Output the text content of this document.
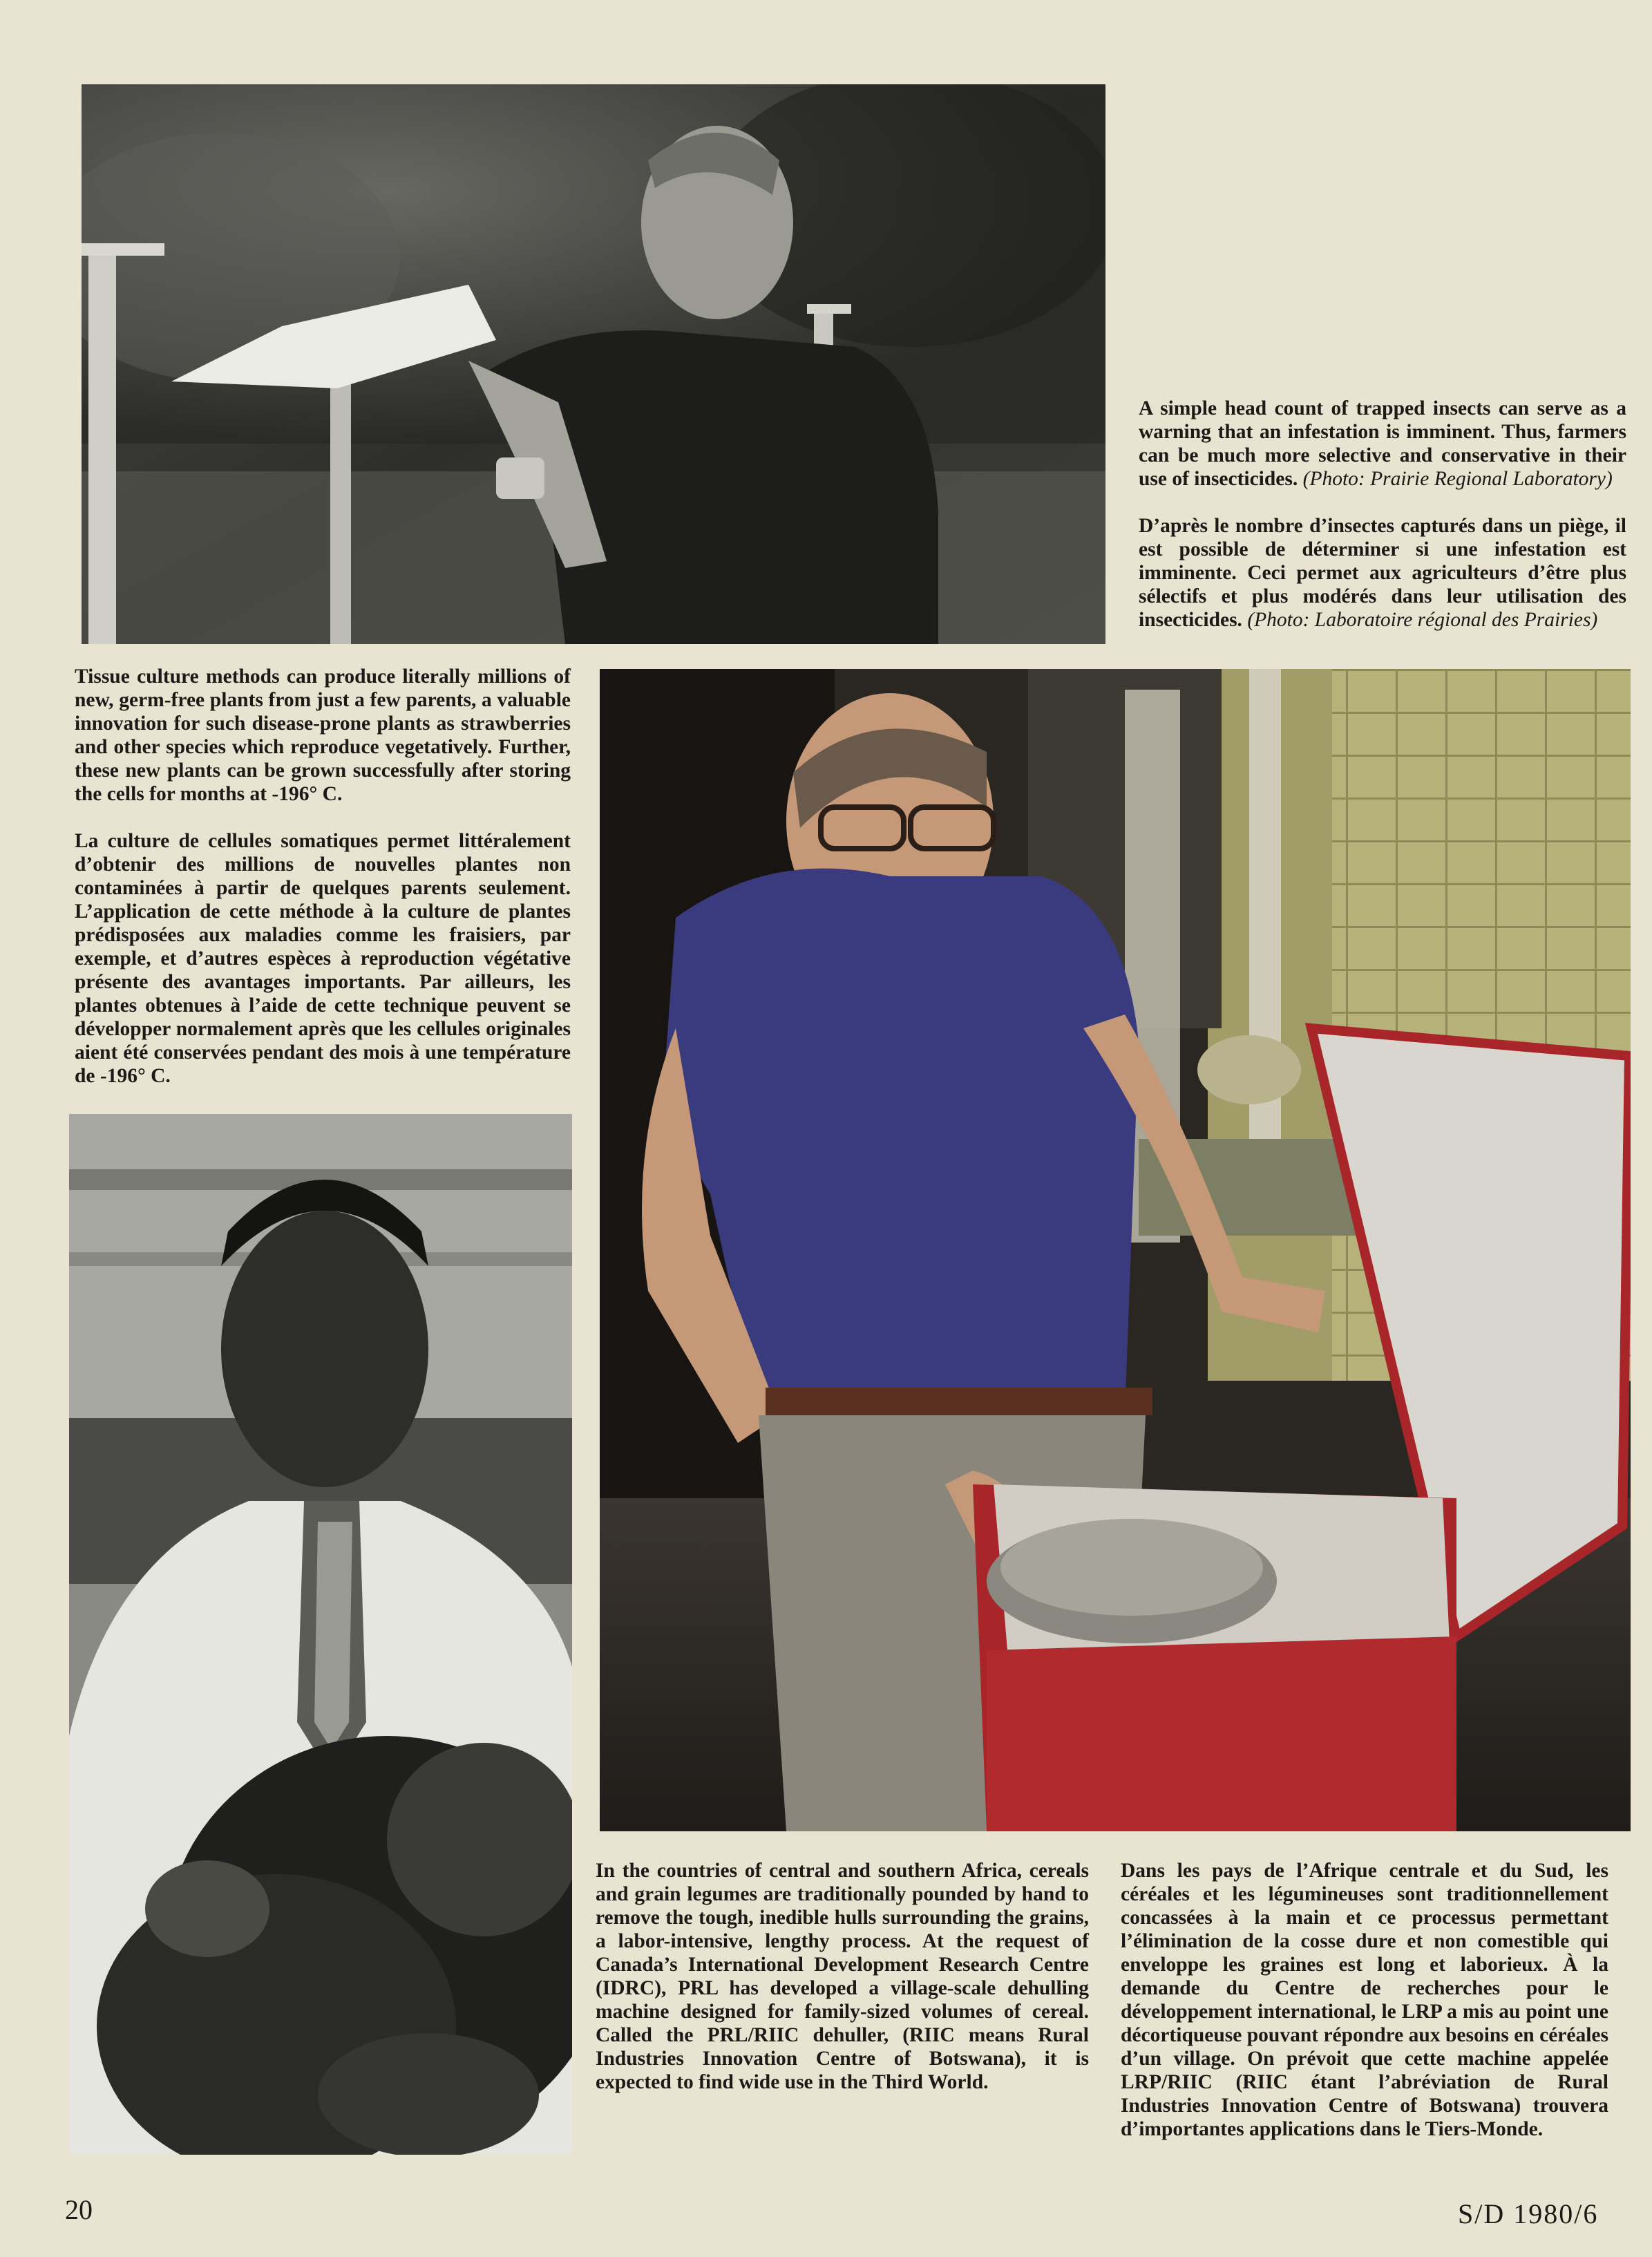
A simple head count of trapped insects can serve as a warning that an infestation is imminent. Thus, farmers can be much more selective and conservative in their use of insecticides. (Photo: Prairie Regional Laboratory)

D’après le nombre d’insectes capturés dans un piège, il est possible de déterminer si une infestation est imminente. Ceci permet aux agriculteurs d’être plus sélectifs et plus modérés dans leur utilisation des insecticides. (Photo: Laboratoire régional des Prairies)

Tissue culture methods can produce literally millions of new, germ-free plants from just a few parents, a valuable innovation for such disease-prone plants as strawberries and other species which reproduce vegetatively. Further, these new plants can be grown successfully after storing the cells for months at -196° C.

La culture de cellules somatiques permet littéralement d’obtenir des millions de nouvelles plantes non contaminées à partir de quelques parents seulement. L’application de cette méthode à la culture de plantes prédisposées aux maladies comme les fraisiers, par exemple, et d’autres espèces à reproduction végétative présente des avantages importants. Par ailleurs, les plantes obtenues à l’aide de cette technique peuvent se développer normalement après que les cellules originales aient été conservées pendant des mois à une température de -196° C.

In the countries of central and southern Africa, cereals and grain legumes are traditionally pounded by hand to remove the tough, inedible hulls surrounding the grains, a labor-intensive, lengthy process. At the request of Canada’s International Development Research Centre (IDRC), PRL has developed a village-scale dehulling machine designed for family-sized volumes of cereal. Called the PRL/RIIC dehuller, (RIIC means Rural Industries Innovation Centre of Botswana), it is expected to find wide use in the Third World.
Dans les pays de l’Afrique centrale et du Sud, les céréales et les légumineuses sont traditionnellement concassées à la main et ce processus permettant l’élimination de la cosse dure et non comestible qui enveloppe les graines est long et laborieux. À la demande du Centre de recherches pour le développement international, le LRP a mis au point une décortiqueuse pouvant répondre aux besoins en céréales d’un village. On prévoit que cette machine appelée LRP/RIIC (RIIC étant l’abréviation de Rural Industries Innovation Centre of Botswana) trouvera d’importantes applications dans le Tiers-Monde.
20	S/D 1980/6
